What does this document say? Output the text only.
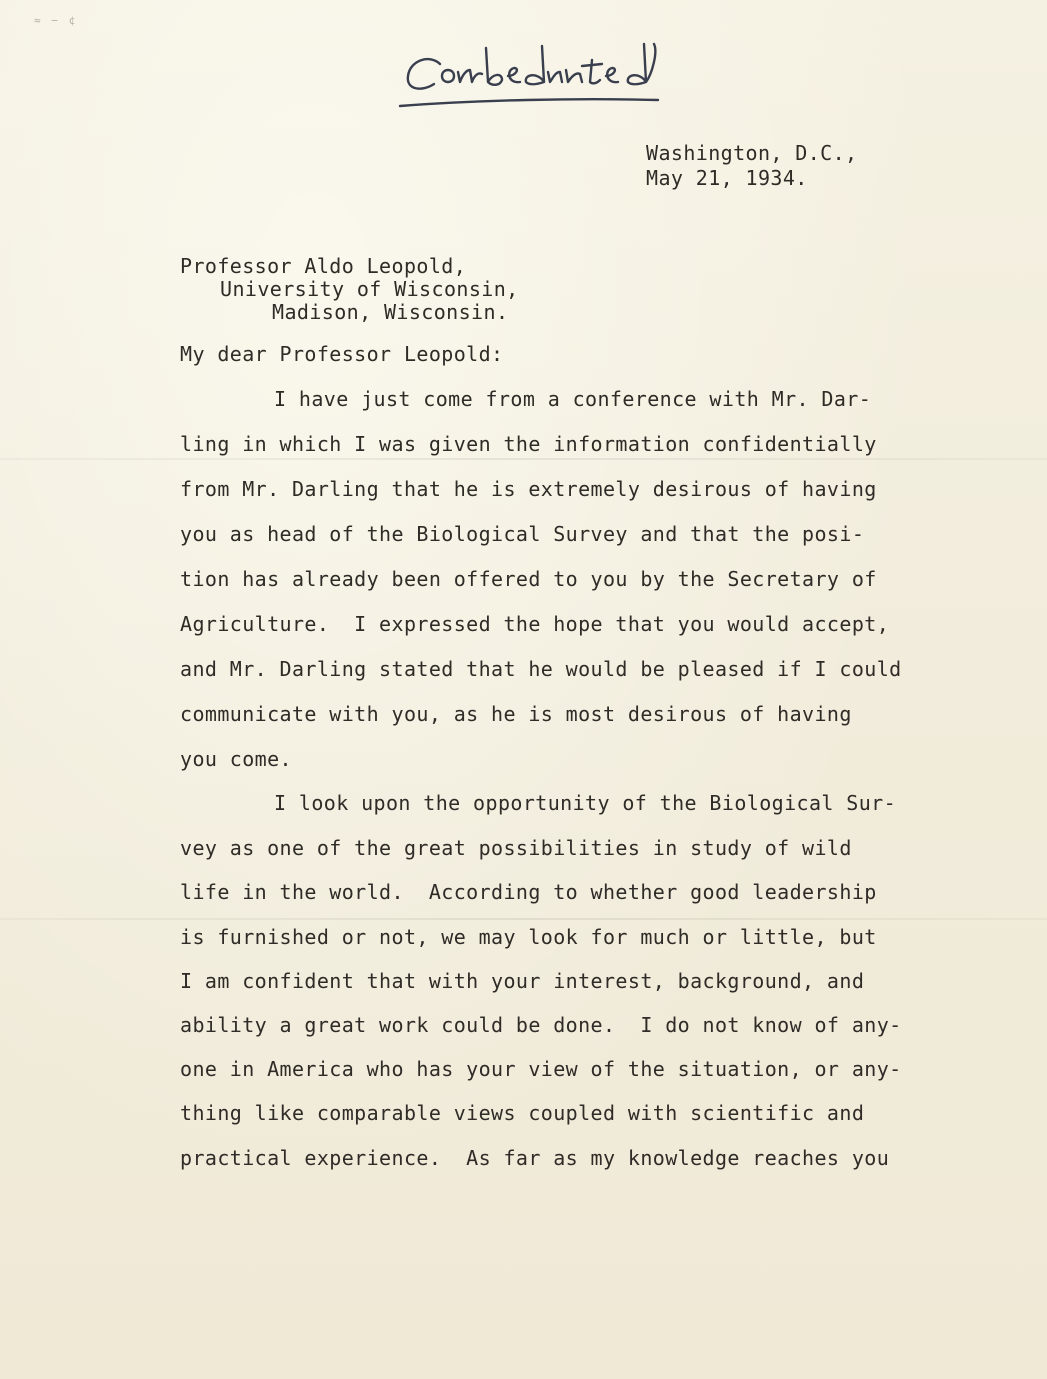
≈ − ¢
Washington, D.C.,
May 21, 1934.
Professor Aldo Leopold,
University of Wisconsin,
Madison, Wisconsin.
My dear Professor Leopold:
I have just come from a conference with Mr. Dar-
ling in which I was given the information confidentially
from Mr. Darling that he is extremely desirous of having
you as head of the Biological Survey and that the posi-
tion has already been offered to you by the Secretary of
Agriculture.  I expressed the hope that you would accept,
and Mr. Darling stated that he would be pleased if I could
communicate with you, as he is most desirous of having
you come.
I look upon the opportunity of the Biological Sur-
vey as one of the great possibilities in study of wild
life in the world.  According to whether good leadership
is furnished or not, we may look for much or little, but
I am confident that with your interest, background, and
ability a great work could be done.  I do not know of any-
one in America who has your view of the situation, or any-
thing like comparable views coupled with scientific and
practical experience.  As far as my knowledge reaches you
